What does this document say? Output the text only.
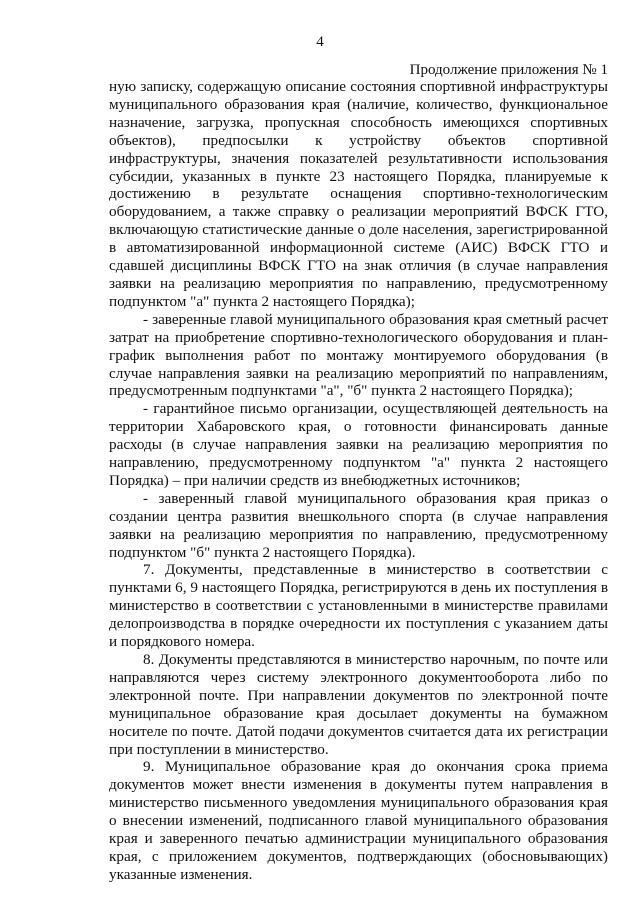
4
Продолжение приложения № 1

ную записку, содержащую описание состояния спортивной инфраструктуры муниципального образования края (наличие, количество, функциональное назначение, загрузка, пропускная способность имеющихся спортивных объектов), предпосылки к устройству объектов спортивной инфраструктуры, значения показателей результативности использования субсидии, указанных в пункте 23 настоящего Порядка, планируемые к достижению в результате оснащения спортивно-технологическим оборудованием, а также справку о реализации мероприятий ВФСК ГТО, включающую статистические данные о доле населения, зарегистрированной в автоматизированной информационной системе (АИС) ВФСК ГТО и сдавшей дисциплины ВФСК ГТО на знак отличия (в случае направления заявки на реализацию мероприятия по направлению, предусмотренному подпунктом "а" пункта 2 настоящего Порядка);

- заверенные главой муниципального образования края сметный расчет затрат на приобретение спортивно-технологического оборудования и план-график выполнения работ по монтажу монтируемого оборудования (в случае направления заявки на реализацию мероприятий по направлениям, предусмотренным подпунктами "а", "б" пункта 2 настоящего Порядка);

- гарантийное письмо организации, осуществляющей деятельность на территории Хабаровского края, о готовности финансировать данные расходы (в случае направления заявки на реализацию мероприятия по направлению, предусмотренному подпунктом "а" пункта 2 настоящего Порядка) – при наличии средств из внебюджетных источников;

- заверенный главой муниципального образования края приказ о создании центра развития внешкольного спорта (в случае направления заявки на реализацию мероприятия по направлению, предусмотренному подпунктом "б" пункта 2 настоящего Порядка).

7. Документы, представленные в министерство в соответствии с пунктами 6, 9 настоящего Порядка, регистрируются в день их поступления в министерство в соответствии с установленными в министерстве правилами делопроизводства в порядке очередности их поступления с указанием даты и порядкового номера.

8. Документы представляются в министерство нарочным, по почте или направляются через систему электронного документооборота либо по электронной почте. При направлении документов по электронной почте муниципальное образование края досылает документы на бумажном носителе по почте. Датой подачи документов считается дата их регистрации при поступлении в министерство.

9. Муниципальное образование края до окончания срока приема документов может внести изменения в документы путем направления в министерство письменного уведомления муниципального образования края о внесении изменений, подписанного главой муниципального образования края и заверенного печатью администрации муниципального образования края, с приложением документов, подтверждающих (обосновывающих) указанные изменения.
